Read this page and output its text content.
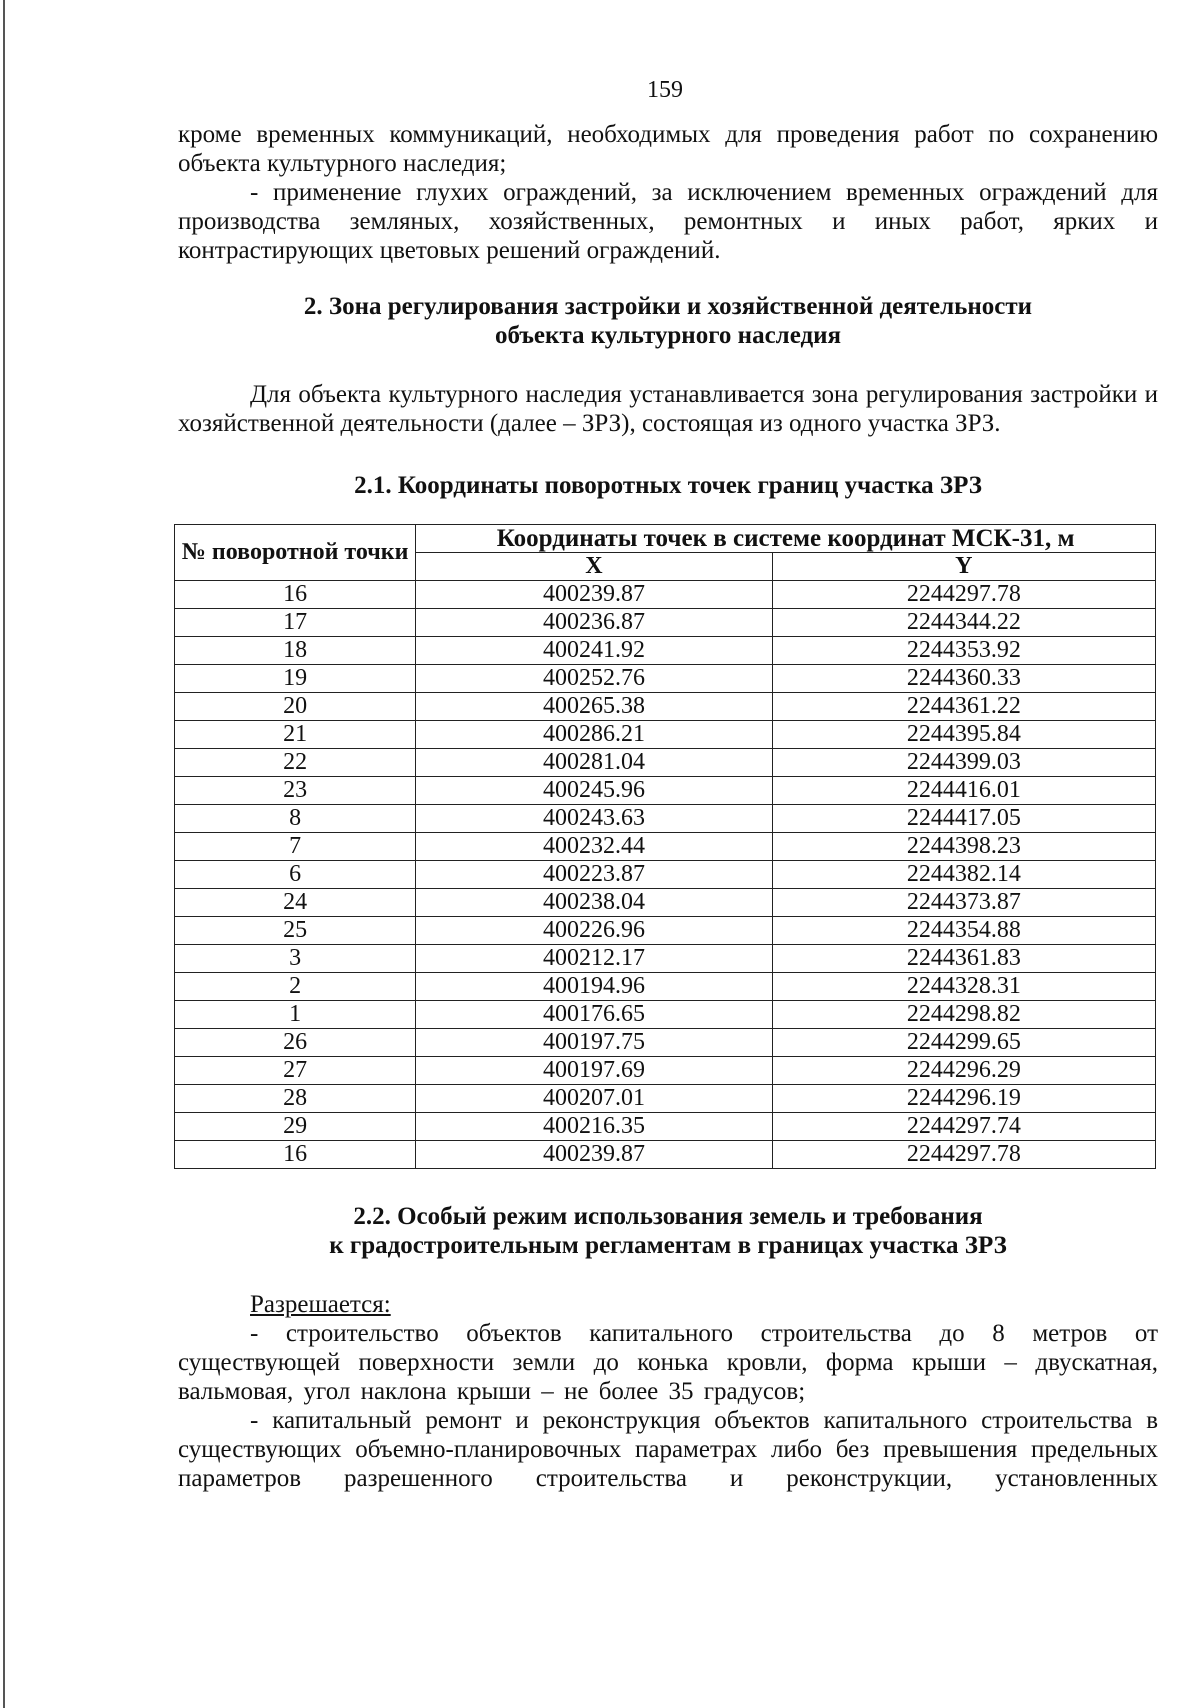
159

кроме временных коммуникаций, необходимых для проведения работ по сохранению объекта культурного наследия;

- применение глухих ограждений, за исключением временных ограждений для производства земляных, хозяйственных, ремонтных и иных работ, ярких и контрастирующих цветовых решений ограждений.

2. Зона регулирования застройки и хозяйственной деятельности

объекта культурного наследия

Для объекта культурного наследия устанавливается зона регулирования застройки и хозяйственной деятельности (далее – ЗРЗ), состоящая из одного участка ЗРЗ.

2.1. Координаты поворотных точек границ участка ЗРЗ

№ поворотной точки	Координаты точек в системе координат МСК-31, м	
	X	Y
16	400239.87	2244297.78
17	400236.87	2244344.22
18	400241.92	2244353.92
19	400252.76	2244360.33
20	400265.38	2244361.22
21	400286.21	2244395.84
22	400281.04	2244399.03
23	400245.96	2244416.01
8	400243.63	2244417.05
7	400232.44	2244398.23
6	400223.87	2244382.14
24	400238.04	2244373.87
25	400226.96	2244354.88
3	400212.17	2244361.83
2	400194.96	2244328.31
1	400176.65	2244298.82
26	400197.75	2244299.65
27	400197.69	2244296.29
28	400207.01	2244296.19
29	400216.35	2244297.74
16	400239.87	2244297.78

2.2. Особый режим использования земель и требования

к градостроительным регламентам в границах участка ЗРЗ

Разрешается:

- строительство объектов капитального строительства до 8 метров от существующей поверхности земли до конька кровли, форма крыши – двускатная, вальмовая, угол наклона крыши – не более 35 градусов;

- капитальный ремонт и реконструкция объектов капитального строительства в существующих объемно-планировочных параметрах либо без превышения предельных параметров разрешенного строительства и реконструкции, установленных
